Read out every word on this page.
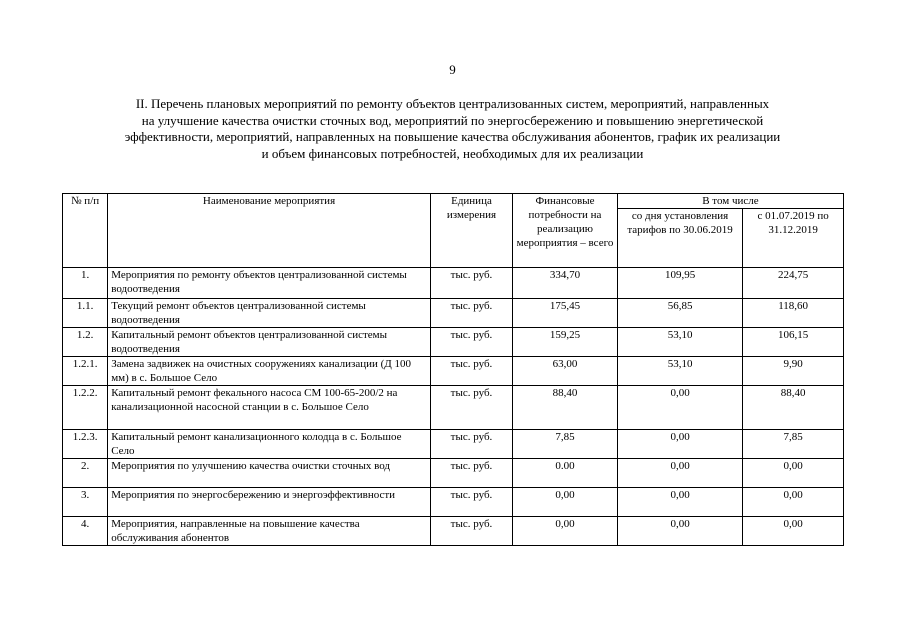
9
II. Перечень плановых мероприятий по ремонту объектов централизованных систем, мероприятий, направленных
на улучшение качества очистки сточных вод, мероприятий по энергосбережению и повышению энергетической
эффективности, мероприятий, направленных на повышение качества обслуживания абонентов, график их реализации
и объем финансовых потребностей, необходимых для их реализации
№ п/п	Наименование мероприятия	Единица измерения	Финансовые потребности на реализацию мероприятия – всего	В том числе	
				со дня установления тарифов по 30.06.2019	с 01.07.2019 по 31.12.2019
1.	Мероприятия по ремонту объектов централизованной системы водоотведения	тыс. руб.	334,70	109,95	224,75
1.1.	Текущий ремонт объектов централизованной системы водоотведения	тыс. руб.	175,45	56,85	118,60
1.2.	Капитальный ремонт объектов централизованной системы водоотведения	тыс. руб.	159,25	53,10	106,15
1.2.1.	Замена задвижек на очистных сооружениях канализации (Д 100 мм) в с. Большое Село	тыс. руб.	63,00	53,10	9,90
1.2.2.	Капитальный ремонт фекального насоса СМ 100-65-200/2 на канализационной насосной станции в с. Большое Село	тыс. руб.	88,40	0,00	88,40
1.2.3.	Капитальный ремонт канализационного колодца в с. Большое Село	тыс. руб.	7,85	0,00	7,85
2.	Мероприятия по улучшению качества очистки сточных вод	тыс. руб.	0.00	0,00	0,00
3.	Мероприятия по энергосбережению и энергоэффективности	тыс. руб.	0,00	0,00	0,00
4.	Мероприятия, направленные на повышение качества обслуживания абонентов	тыс. руб.	0,00	0,00	0,00
